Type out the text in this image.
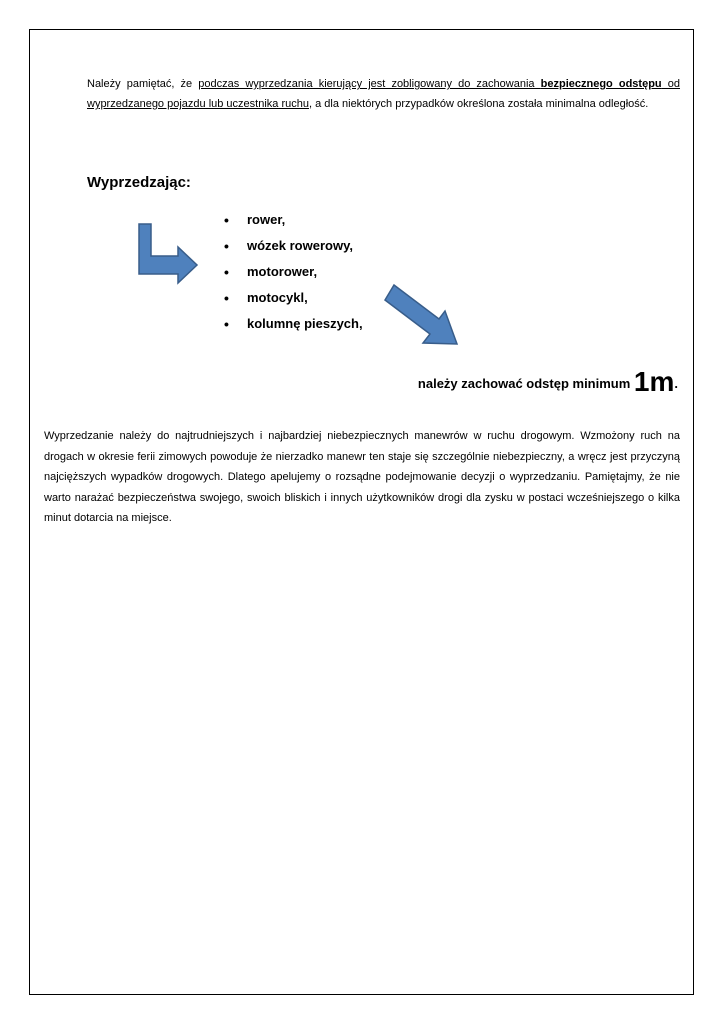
Należy pamiętać, że podczas wyprzedzania kierujący jest zobligowany do zachowania bezpiecznego odstępu od wyprzedzanego pojazdu lub uczestnika ruchu, a dla niektórych przypadków określona została minimalna odległość.

Wyprzedzając:
• rower,
• wózek rowerowy,
• motorower,
• motocykl,
• kolumnę pieszych,
należy zachować odstęp minimum 1m.

Wyprzedzanie należy do najtrudniejszych i najbardziej niebezpiecznych manewrów w ruchu drogowym. Wzmożony ruch na drogach w okresie ferii zimowych powoduje że nierzadko manewr ten staje się szczególnie niebezpieczny, a wręcz jest przyczyną najcięższych wypadków drogowych. Dlatego apelujemy o rozsądne podejmowanie decyzji o wyprzedzaniu. Pamiętajmy, że nie warto narażać bezpieczeństwa swojego, swoich bliskich i innych użytkowników drogi dla zysku w postaci wcześniejszego o kilka minut dotarcia na miejsce.
